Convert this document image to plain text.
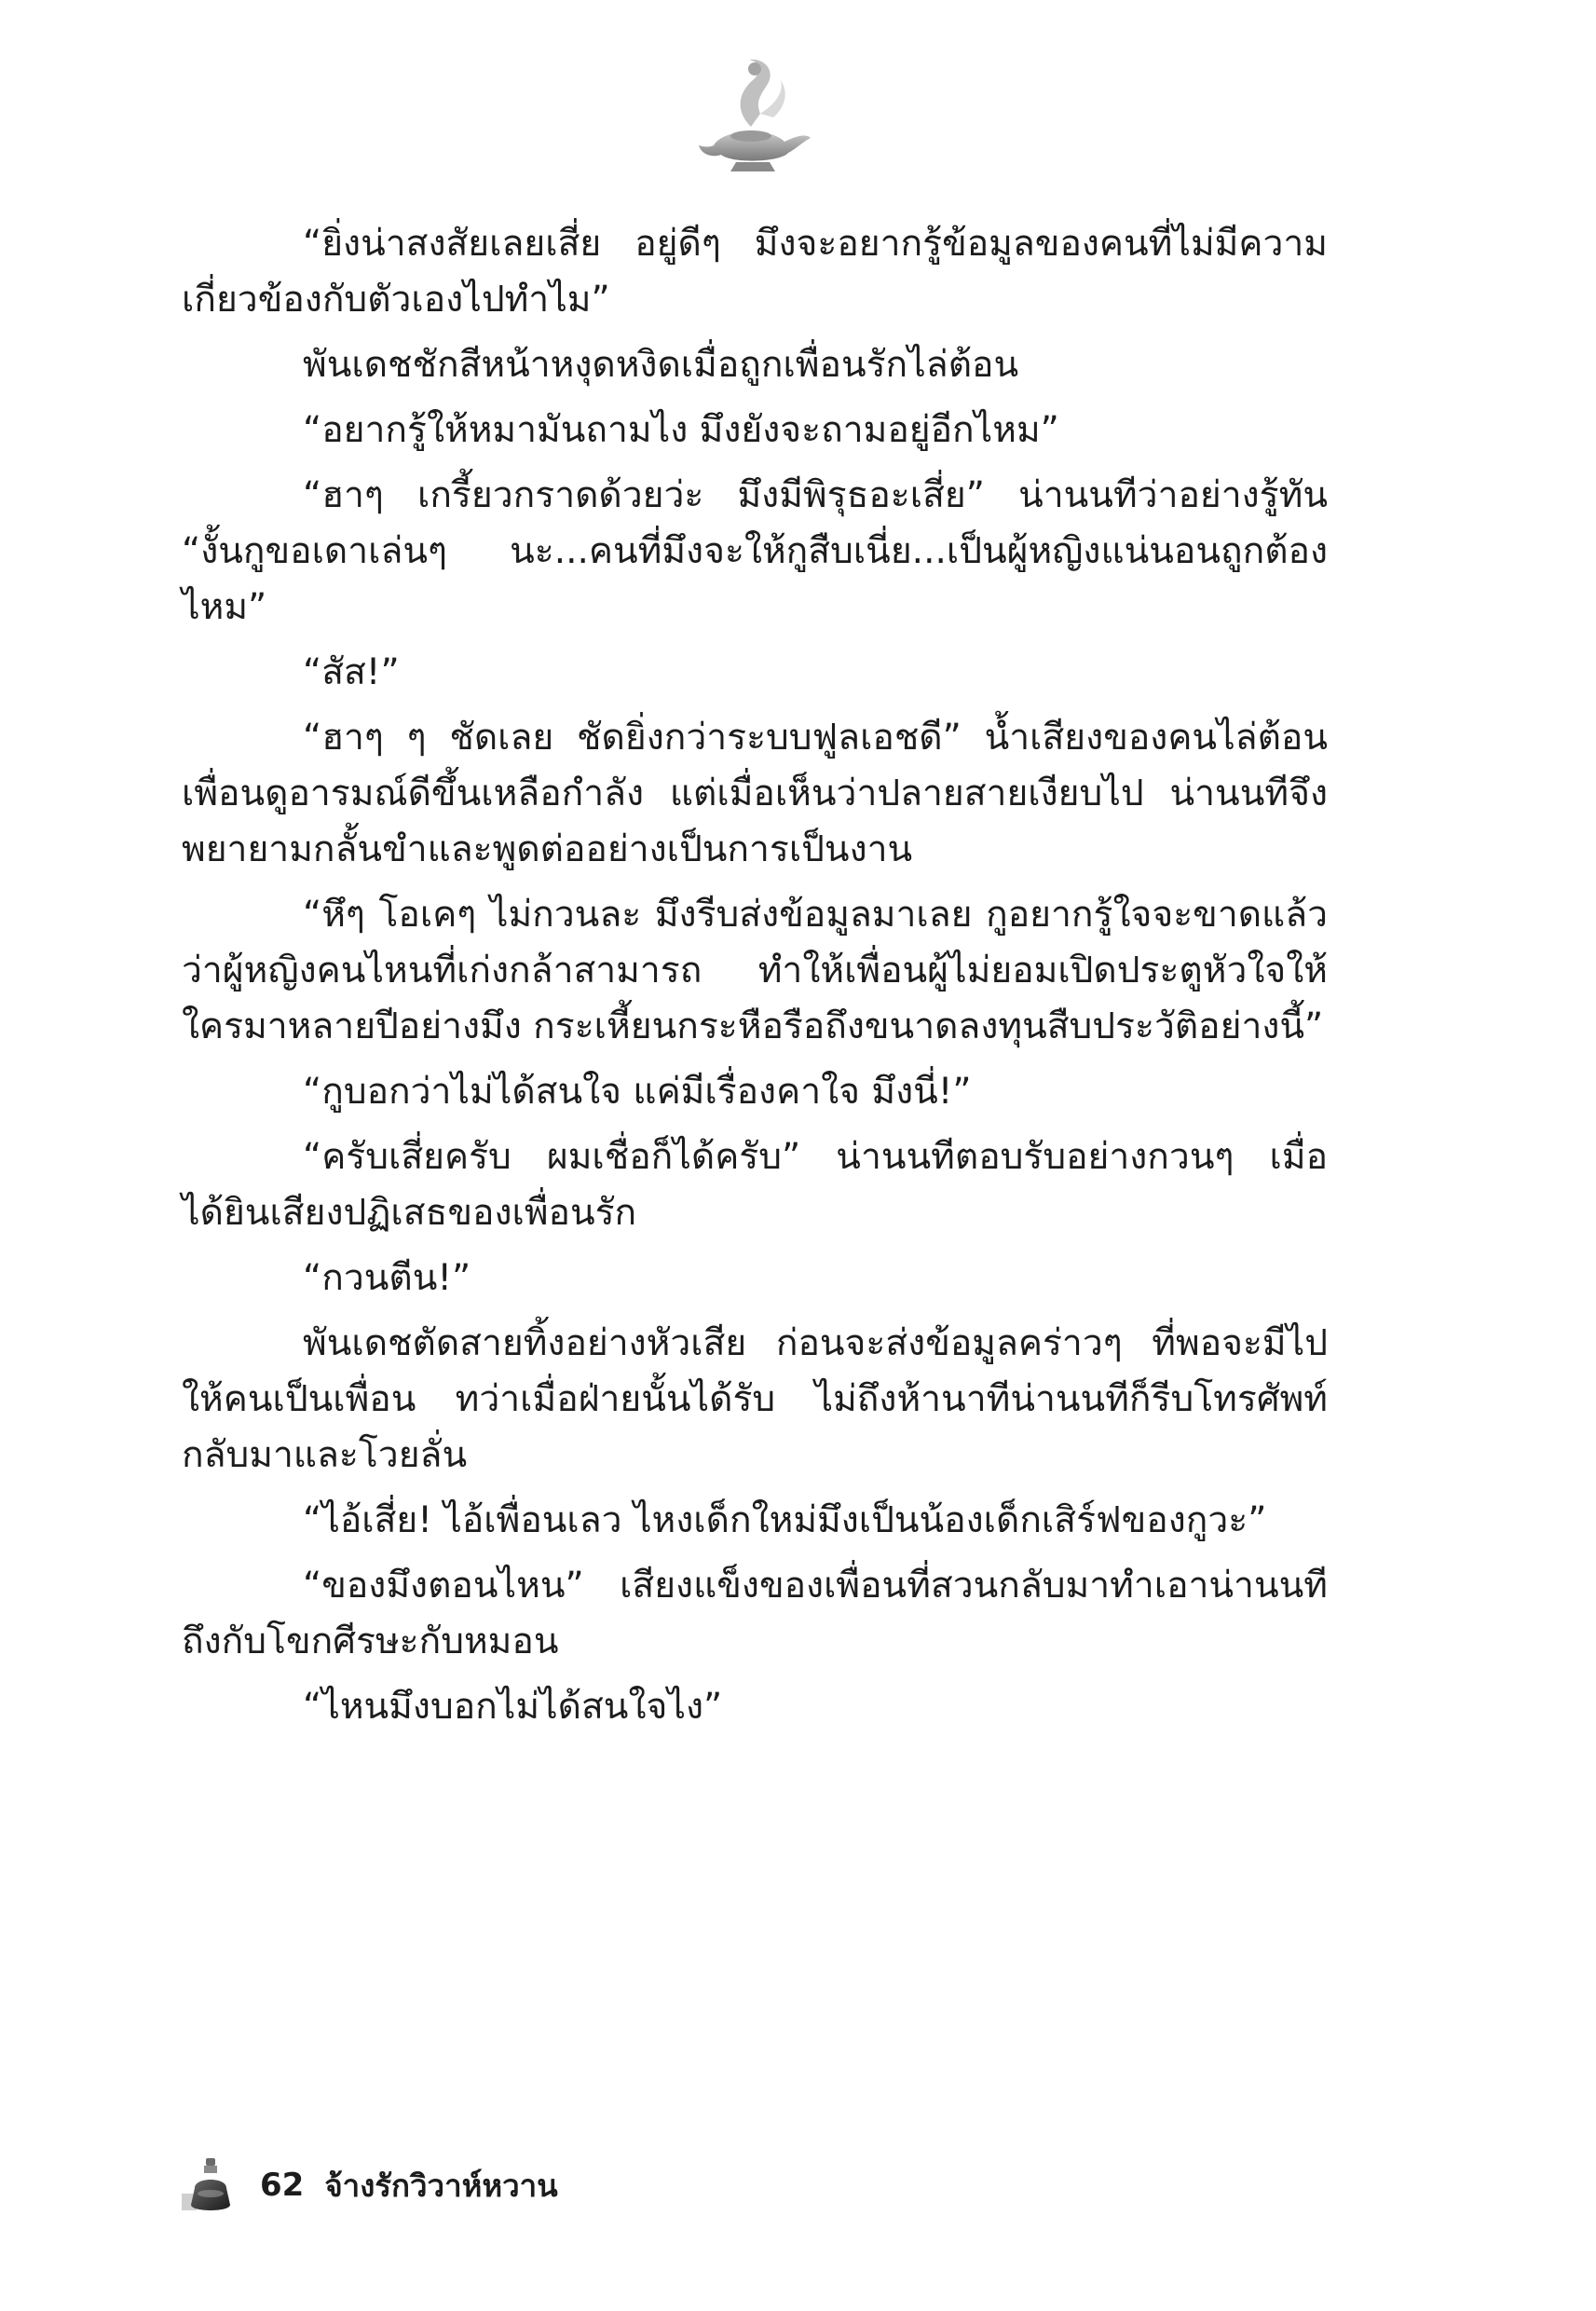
“ยิ่งน่าสงสัยเลยเสี่ย อยู่ดีๆ มึงจะอยากรู้ข้อมูลของคนที่ไม่มีความเกี่ยวข้องกับตัวเองไปทำไม”

พันเดชชักสีหน้าหงุดหงิดเมื่อถูกเพื่อนรักไล่ต้อน

“อยากรู้ให้หมามันถามไง มึงยังจะถามอยู่อีกไหม”

“ฮาๆ เกรี้ยวกราดด้วยว่ะ มึงมีพิรุธอะเสี่ย” น่านนทีว่าอย่างรู้ทัน “งั้นกูขอเดาเล่นๆ นะ...คนที่มึงจะให้กูสืบเนี่ย...เป็นผู้หญิงแน่นอนถูกต้องไหม”

“สัส!”

“ฮาๆ ๆ ชัดเลย ชัดยิ่งกว่าระบบฟูลเอชดี” น้ำเสียงของคนไล่ต้อนเพื่อนดูอารมณ์ดีขึ้นเหลือกำลัง แต่เมื่อเห็นว่าปลายสายเงียบไป น่านนทีจึงพยายามกลั้นขำและพูดต่ออย่างเป็นการเป็นงาน

“หึๆ โอเคๆ ไม่กวนละ มึงรีบส่งข้อมูลมาเลย กูอยากรู้ใจจะขาดแล้วว่าผู้หญิงคนไหนที่เก่งกล้าสามารถ ทำให้เพื่อนผู้ไม่ยอมเปิดประตูหัวใจให้ใครมาหลายปีอย่างมึง กระเหี้ยนกระหือรือถึงขนาดลงทุนสืบประวัติอย่างนี้”

“กูบอกว่าไม่ได้สนใจ แค่มีเรื่องคาใจ มึงนี่!”

“ครับเสี่ยครับ ผมเชื่อก็ได้ครับ” น่านนทีตอบรับอย่างกวนๆ เมื่อได้ยินเสียงปฏิเสธของเพื่อนรัก

“กวนตีน!”

พันเดชตัดสายทิ้งอย่างหัวเสีย ก่อนจะส่งข้อมูลคร่าวๆ ที่พอจะมีไปให้คนเป็นเพื่อน ทว่าเมื่อฝ่ายนั้นได้รับ ไม่ถึงห้านาทีน่านนทีก็รีบโทรศัพท์กลับมาและโวยลั่น

“ไอ้เสี่ย! ไอ้เพื่อนเลว ไหงเด็กใหม่มึงเป็นน้องเด็กเสิร์ฟของกูวะ”

“ของมึงตอนไหน” เสียงแข็งของเพื่อนที่สวนกลับมาทำเอาน่านนทีถึงกับโขกศีรษะกับหมอน

“ไหนมึงบอกไม่ได้สนใจไง”

62 จ้างรักวิวาห์หวาน
